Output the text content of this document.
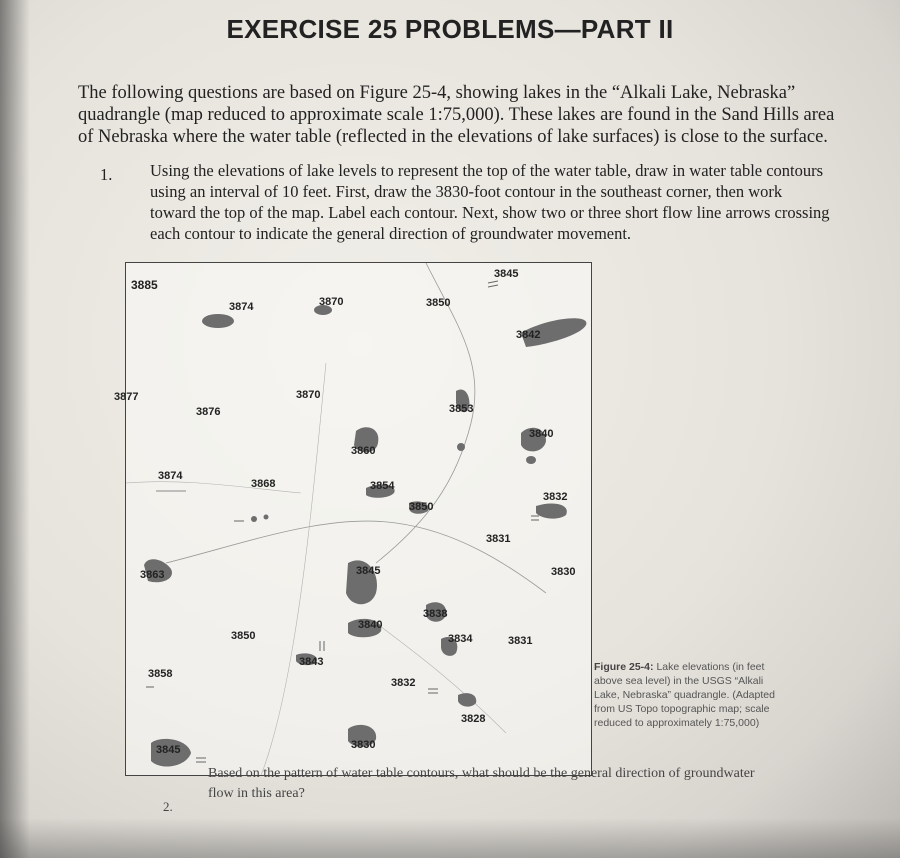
EXERCISE 25 PROBLEMS—PART II
The following questions are based on Figure 25-4, showing lakes in the “Alkali Lake, Nebraska” quadrangle (map reduced to approximate scale 1:75,000). These lakes are found in the Sand Hills area of Nebraska where the water table (reflected in the elevations of lake surfaces) is close to the surface.
1. Using the elevations of lake levels to represent the top of the water table, draw in water table contours using an interval of 10 feet. First, draw the 3830-foot contour in the southeast corner, then work toward the top of the map. Label each contour. Next, show two or three short flow line arrows crossing each contour to indicate the general direction of groundwater movement.
3885
3845
3874	3870	3850
3842
3877
3876
3870
3853
3840
3860
3874
3868	3854
3850
3832
3831
3863	3845	3830
3838
3840
3834	3831
3850
3843
3858
3832
3828
3845	3830
Figure 25-4: Lake elevations (in feet above sea level) in the USGS “Alkali Lake, Nebraska” quadrangle. (Adapted from US Topo topographic map; scale reduced to approximately 1:75,000)
2.
Based on the pattern of water table contours, what should be the general direction of groundwater flow in this area?
